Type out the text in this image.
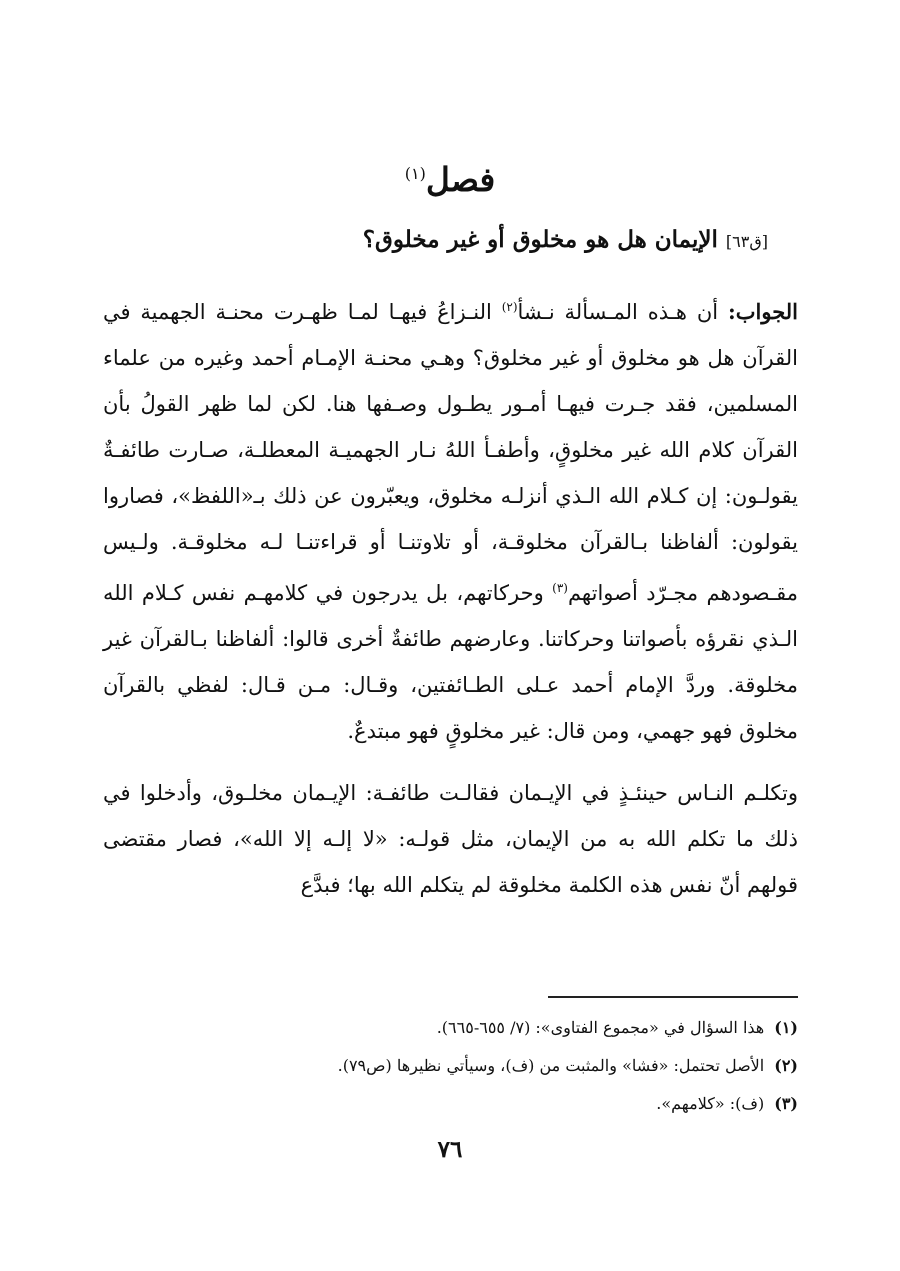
فصل$^{(١)}$
[ق٦٣] الإيمان هل هو مخلوق أو غير مخلوق؟

الجواب: أن هـذه المـسألة نـشأ$^{(٢)}$ النـزاعُ فيهـا لمـا ظهـرت محنـة الجهمية في القرآن هل هو مخلوق أو غير مخلوق؟ وهـي محنـة الإمـام أحمد وغيره من علماء المسلمين، فقد جـرت فيهـا أمـور يطـول وصـفها هنا. لكن لما ظهر القولُ بأن القرآن كلام الله غير مخلوقٍ، وأطفـأ اللهُ نـار الجهميـة المعطلـة، صـارت طائفـةٌ يقولـون: إن كـلام الله الـذي أنزلـه مخلوق، ويعبّرون عن ذلك بـ«اللفظ»، فصاروا يقولون: ألفاظنا بـالقرآن مخلوقـة، أو تلاوتنـا أو قراءتنـا لـه مخلوقـة. ولـيس مقـصودهم مجـرّد أصواتهم$^{(٣)}$ وحركاتهم، بل يدرجون في كلامهـم نفس كـلام الله الـذي نقرؤه بأصواتنا وحركاتنا. وعارضهم طائفةٌ أخرى قالوا: ألفاظنا بـالقرآن غير مخلوقة. وردَّ الإمام أحمد عـلى الطـائفتين، وقـال: مـن قـال: لفظي بالقرآن مخلوق فهو جهمي، ومن قال: غير مخلوقٍ فهو مبتدعٌ.

وتكلـم النـاس حينئـذٍ في الإيـمان فقالـت طائفـة: الإيـمان مخلـوق، وأدخلوا في ذلك ما تكلم الله به من الإيمان، مثل قولـه: «لا إلـه إلا الله»، فصار مقتضى قولهم أنّ نفس هذه الكلمة مخلوقة لم يتكلم الله بها؛ فبدَّع

(١)هذا السؤال في «مجموع الفتاوى»: (٧/ ٦٥٥-٦٦٥).

(٢)الأصل تحتمل: «فشا» والمثبت من (ف)، وسيأتي نظيرها (ص٧٩).

(٣)(ف): «كلامهم».

٧٦
